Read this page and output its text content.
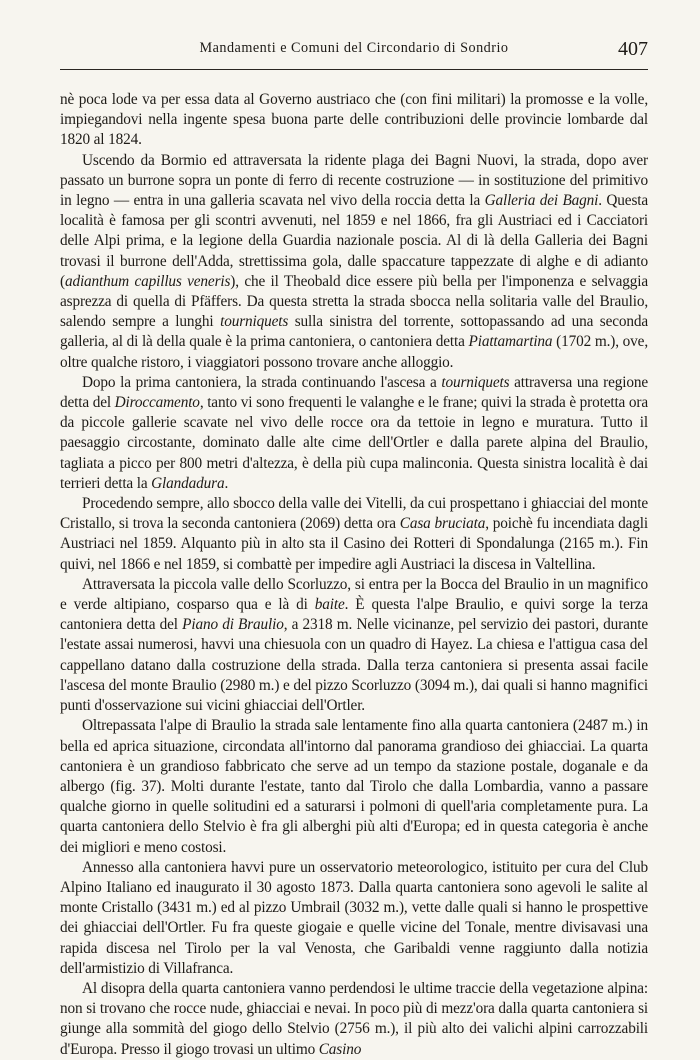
Mandamenti e Comuni del Circondario di Sondrio	407

nè poca lode va per essa data al Governo austriaco che (con fini militari) la promosse e la volle, impiegandovi nella ingente spesa buona parte delle contribuzioni delle provincie lombarde dal 1820 al 1824.

Uscendo da Bormio ed attraversata la ridente plaga dei Bagni Nuovi, la strada, dopo aver passato un burrone sopra un ponte di ferro di recente costruzione — in sostituzione del primitivo in legno — entra in una galleria scavata nel vivo della roccia detta la Galleria dei Bagni. Questa località è famosa per gli scontri avvenuti, nel 1859 e nel 1866, fra gli Austriaci ed i Cacciatori delle Alpi prima, e la legione della Guardia nazionale poscia. Al di là della Galleria dei Bagni trovasi il burrone dell'Adda, strettissima gola, dalle spaccature tappezzate di alghe e di adianto (adianthum capillus veneris), che il Theobald dice essere più bella per l'imponenza e selvaggia asprezza di quella di Pfäffers. Da questa stretta la strada sbocca nella solitaria valle del Braulio, salendo sempre a lunghi tourniquets sulla sinistra del torrente, sottopassando ad una seconda galleria, al di là della quale è la prima cantoniera, o cantoniera detta Piattamartina (1702 m.), ove, oltre qualche ristoro, i viaggiatori possono trovare anche alloggio.

Dopo la prima cantoniera, la strada continuando l'ascesa a tourniquets attraversa una regione detta del Diroccamento, tanto vi sono frequenti le valanghe e le frane; quivi la strada è protetta ora da piccole gallerie scavate nel vivo delle rocce ora da tettoie in legno e muratura. Tutto il paesaggio circostante, dominato dalle alte cime dell'Ortler e dalla parete alpina del Braulio, tagliata a picco per 800 metri d'altezza, è della più cupa malinconia. Questa sinistra località è dai terrieri detta la Glandadura.

Procedendo sempre, allo sbocco della valle dei Vitelli, da cui prospettano i ghiacciai del monte Cristallo, si trova la seconda cantoniera (2069) detta ora Casa bruciata, poichè fu incendiata dagli Austriaci nel 1859. Alquanto più in alto sta il Casino dei Rotteri di Spondalunga (2165 m.). Fin quivi, nel 1866 e nel 1859, si combattè per impedire agli Austriaci la discesa in Valtellina.

Attraversata la piccola valle dello Scorluzzo, si entra per la Bocca del Braulio in un magnifico e verde altipiano, cosparso qua e là di baite. È questa l'alpe Braulio, e quivi sorge la terza cantoniera detta del Piano di Braulio, a 2318 m. Nelle vicinanze, pel servizio dei pastori, durante l'estate assai numerosi, havvi una chiesuola con un quadro di Hayez. La chiesa e l'attigua casa del cappellano datano dalla costruzione della strada. Dalla terza cantoniera si presenta assai facile l'ascesa del monte Braulio (2980 m.) e del pizzo Scorluzzo (3094 m.), dai quali si hanno magnifici punti d'osservazione sui vicini ghiacciai dell'Ortler.

Oltrepassata l'alpe di Braulio la strada sale lentamente fino alla quarta cantoniera (2487 m.) in bella ed aprica situazione, circondata all'intorno dal panorama grandioso dei ghiacciai. La quarta cantoniera è un grandioso fabbricato che serve ad un tempo da stazione postale, doganale e da albergo (fig. 37). Molti durante l'estate, tanto dal Tirolo che dalla Lombardia, vanno a passare qualche giorno in quelle solitudini ed a saturarsi i polmoni di quell'aria completamente pura. La quarta cantoniera dello Stelvio è fra gli alberghi più alti d'Europa; ed in questa categoria è anche dei migliori e meno costosi.

Annesso alla cantoniera havvi pure un osservatorio meteorologico, istituito per cura del Club Alpino Italiano ed inaugurato il 30 agosto 1873. Dalla quarta cantoniera sono agevoli le salite al monte Cristallo (3431 m.) ed al pizzo Umbrail (3032 m.), vette dalle quali si hanno le prospettive dei ghiacciai dell'Ortler. Fu fra queste giogaie e quelle vicine del Tonale, mentre divisavasi una rapida discesa nel Tirolo per la val Venosta, che Garibaldi venne raggiunto dalla notizia dell'armistizio di Villafranca.

Al disopra della quarta cantoniera vanno perdendosi le ultime traccie della vegetazione alpina: non si trovano che rocce nude, ghiacciai e nevai. In poco più di mezz'ora dalla quarta cantoniera si giunge alla sommità del giogo dello Stelvio (2756 m.), il più alto dei valichi alpini carrozzabili d'Europa. Presso il giogo trovasi un ultimo Casino
